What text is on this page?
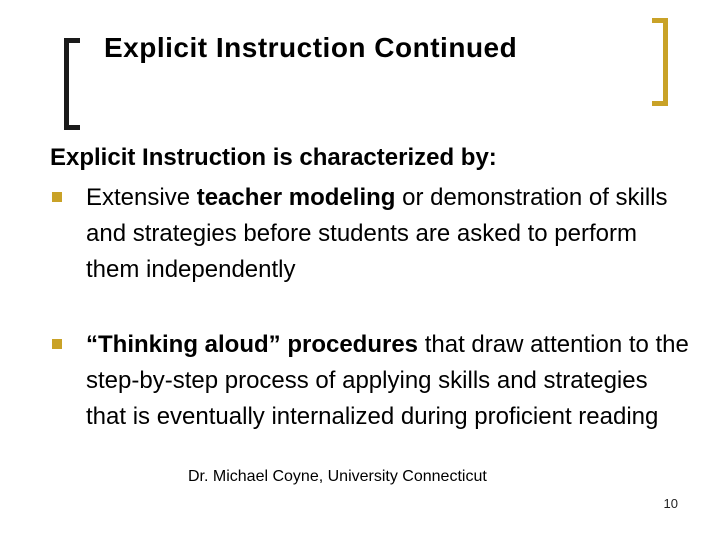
Explicit Instruction Continued
Explicit Instruction is characterized by:
Extensive teacher modeling or demonstration of skills and strategies before students are asked to perform them independently
“Thinking aloud” procedures that draw attention to the step-by-step process of applying skills and strategies that is eventually internalized during proficient reading
Dr. Michael Coyne, University Connecticut
10
